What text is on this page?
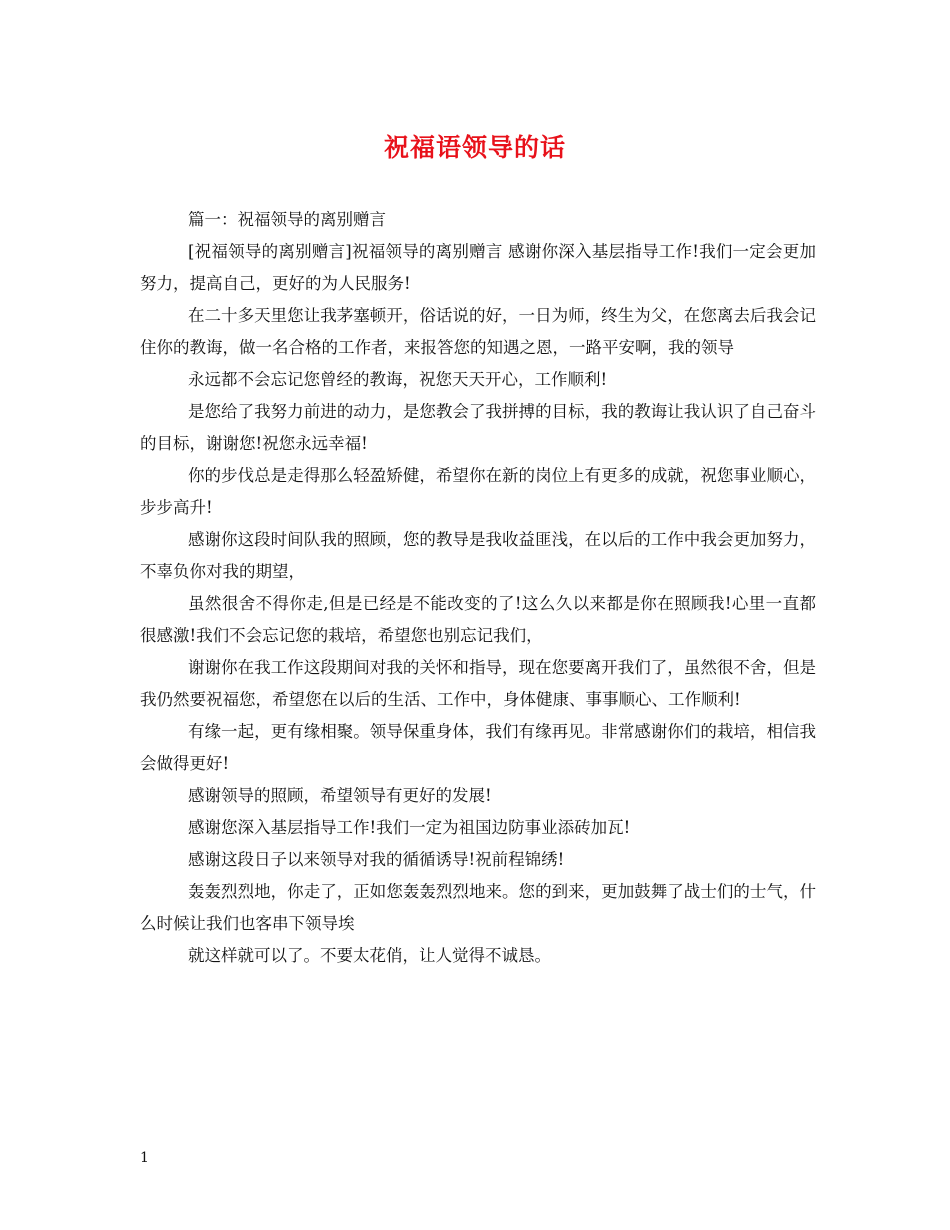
祝福语领导的话

篇一：祝福领导的离别赠言

[祝福领导的离别赠言]祝福领导的离别赠言 感谢你深入基层指导工作!我们一定会更加努力，提高自己，更好的为人民服务!

在二十多天里您让我茅塞顿开，俗话说的好，一日为师，终生为父，在您离去后我会记住你的教诲，做一名合格的工作者，来报答您的知遇之恩，一路平安啊，我的领导

永远都不会忘记您曾经的教诲，祝您天天开心，工作顺利!

是您给了我努力前进的动力，是您教会了我拼搏的目标，我的教诲让我认识了自己奋斗的目标，谢谢您!祝您永远幸福!

你的步伐总是走得那么轻盈矫健，希望你在新的岗位上有更多的成就，祝您事业顺心，步步高升!

感谢你这段时间队我的照顾，您的教导是我收益匪浅，在以后的工作中我会更加努力，不辜负你对我的期望，

虽然很舍不得你走,但是已经是不能改变的了!这么久以来都是你在照顾我!心里一直都很感激!我们不会忘记您的栽培，希望您也别忘记我们，

谢谢你在我工作这段期间对我的关怀和指导，现在您要离开我们了，虽然很不舍，但是我仍然要祝福您，希望您在以后的生活、工作中，身体健康、事事顺心、工作顺利!

有缘一起，更有缘相聚。领导保重身体，我们有缘再见。非常感谢你们的栽培，相信我会做得更好!

感谢领导的照顾，希望领导有更好的发展!

感谢您深入基层指导工作!我们一定为祖国边防事业添砖加瓦!

感谢这段日子以来领导对我的循循诱导!祝前程锦绣!

轰轰烈烈地，你走了，正如您轰轰烈烈地来。您的到来，更加鼓舞了战士们的士气，什么时候让我们也客串下领导埃

就这样就可以了。不要太花俏，让人觉得不诚恳。

1
